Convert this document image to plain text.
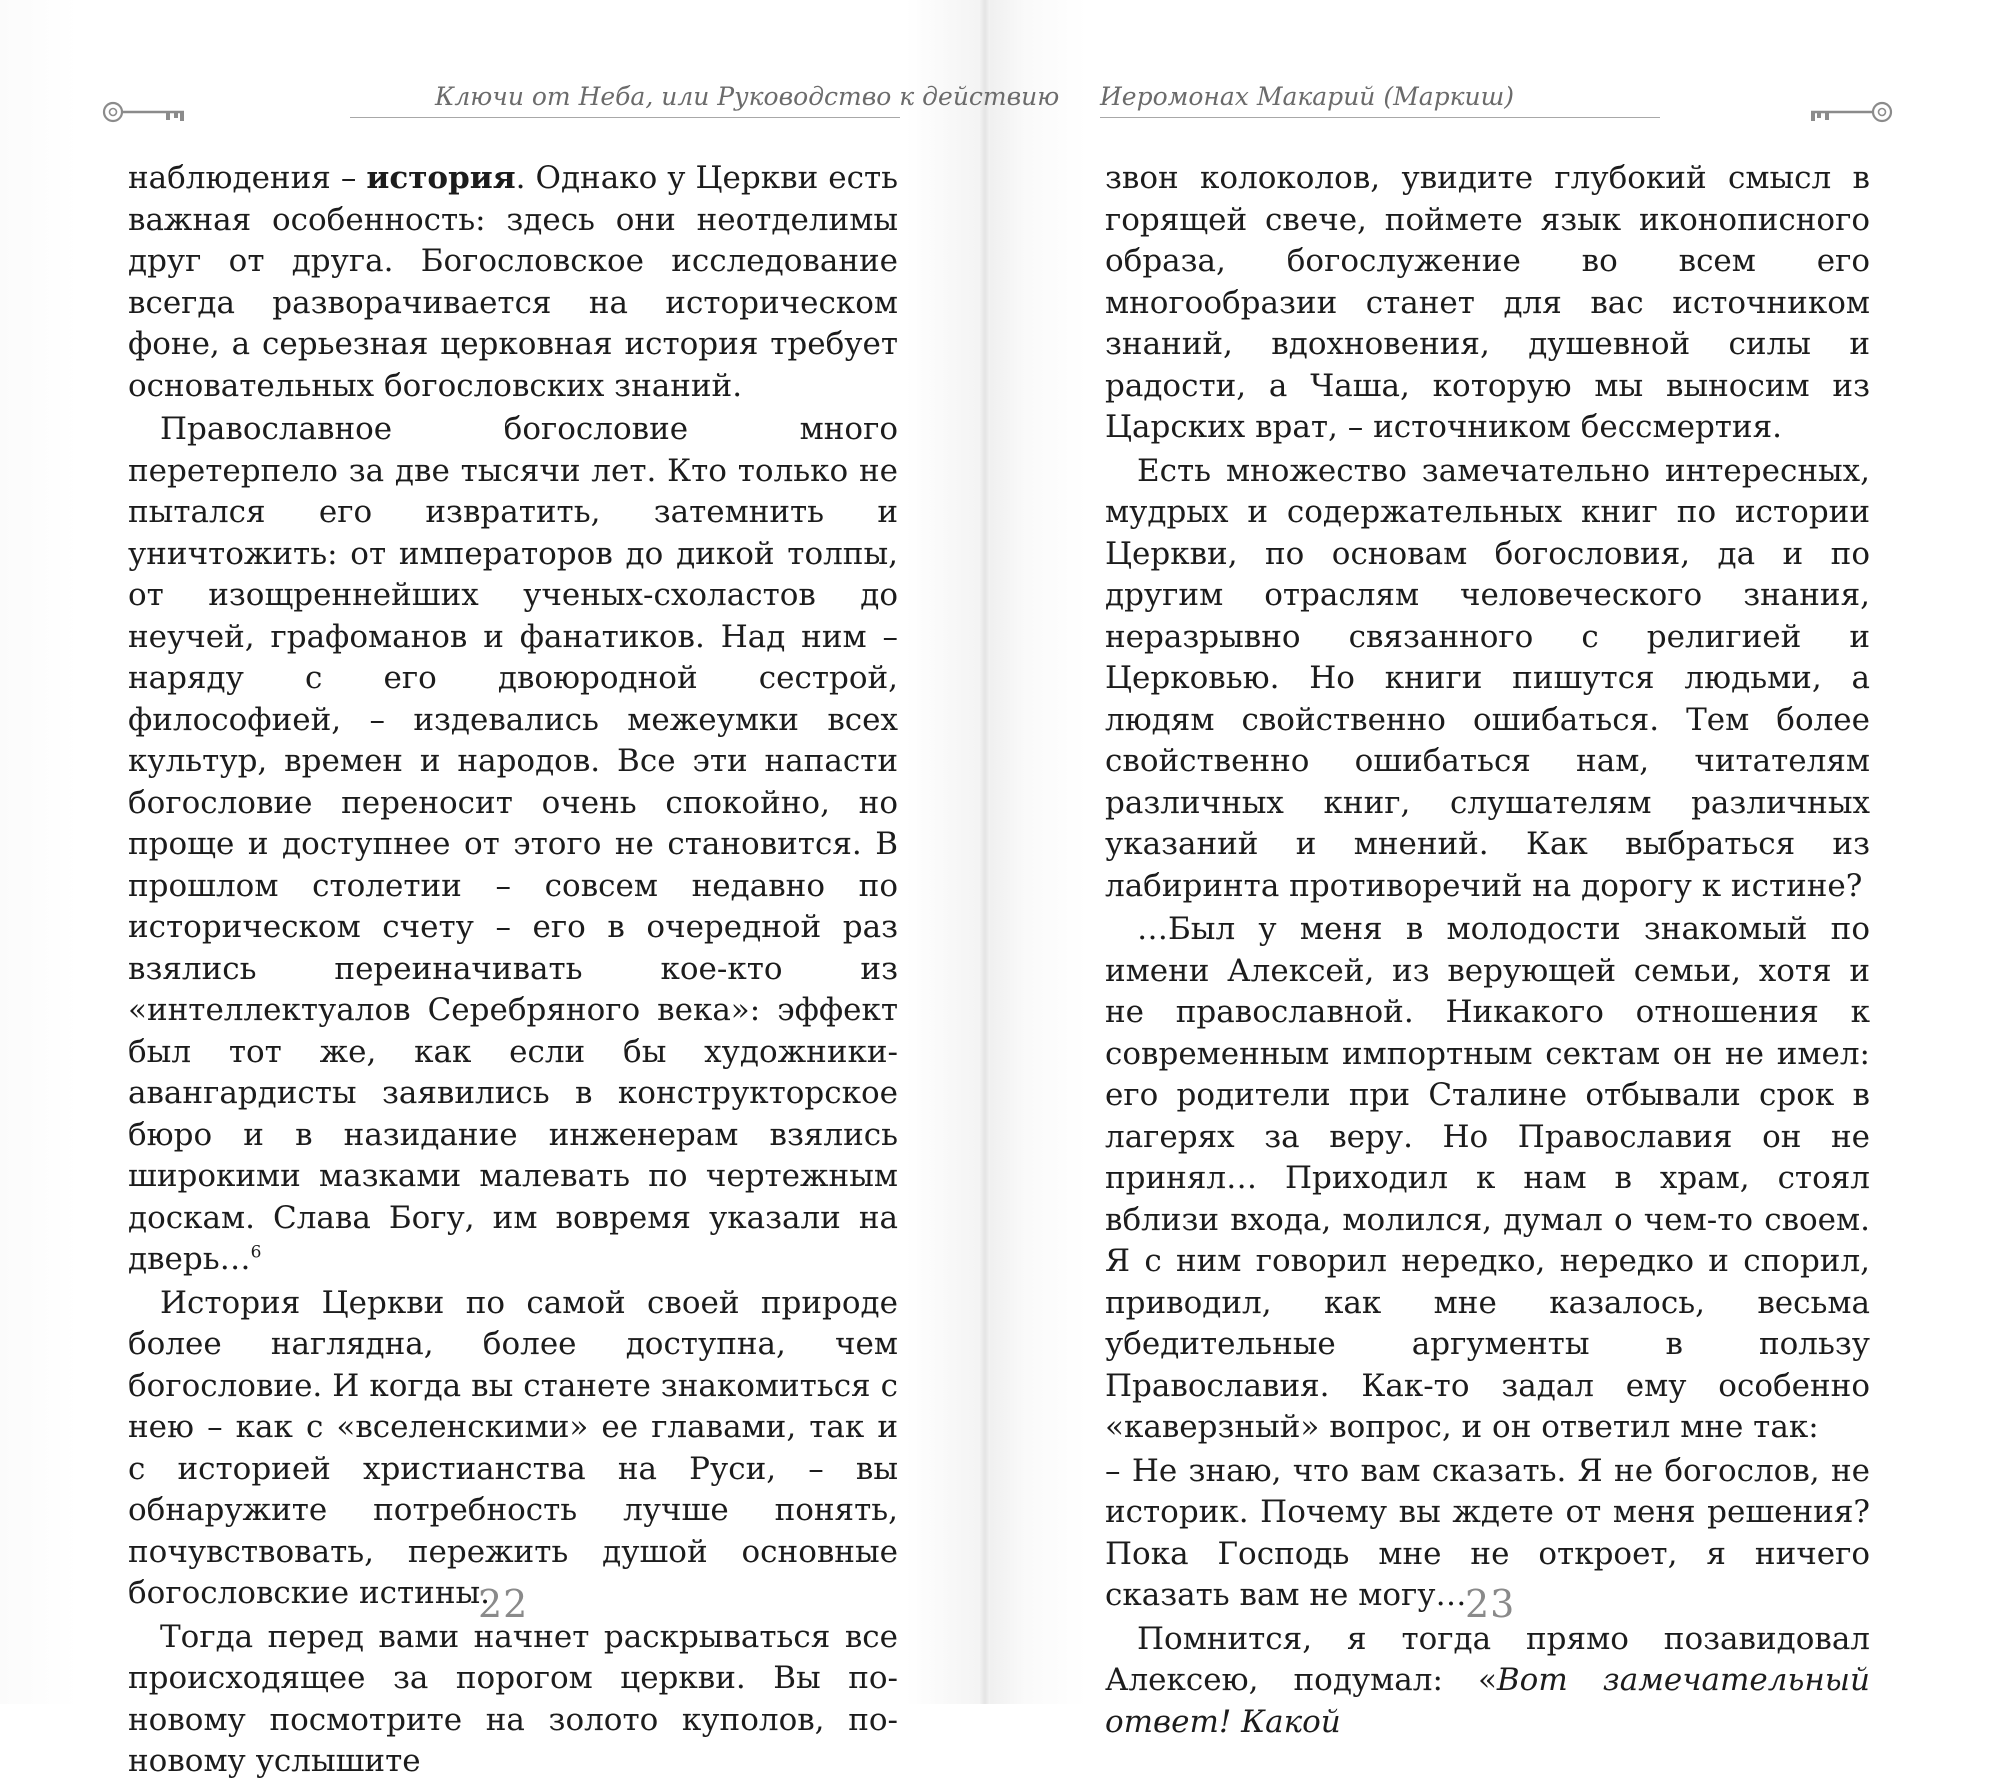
Ключи от Неба, или Руководство к действию Иеромонах Макарий (Маркиш)

наблюдения – история. Однако у Церкви есть важная особенность: здесь они неотделимы друг от друга. Богословское исследование всегда разворачивается на историческом фоне, а серьезная церковная история требует основательных богословских знаний.

Православное богословие много перетерпело за две тысячи лет. Кто только не пытался его извратить, затемнить и уничтожить: от императоров до дикой толпы, от изощреннейших ученых-схоластов до неучей, графоманов и фанатиков. Над ним – наряду с его двоюродной сестрой, философией, – издевались межеумки всех культур, времен и народов. Все эти напасти богословие переносит очень спокойно, но проще и доступнее от этого не становится. В прошлом столетии – совсем недавно по историческом счету – его в очередной раз взялись переиначивать кое-кто из «интеллектуалов Серебряного века»: эффект был тот же, как если бы художники-авангардисты заявились в конструкторское бюро и в назидание инженерам взялись широкими мазками малевать по чертежным доскам. Слава Богу, им вовремя указали на дверь…$^6$

История Церкви по самой своей природе более наглядна, более доступна, чем богословие. И когда вы станете знакомиться с нею – как с «вселенскими» ее главами, так и с историей христианства на Руси, – вы обнаружите потребность лучше понять, почувствовать, пережить душой основные богословские истины.

Тогда перед вами начнет раскрываться все происходящее за порогом церкви. Вы по-новому посмотрите на золото куполов, по-новому услышите

звон колоколов, увидите глубокий смысл в горящей свече, поймете язык иконописного образа, богослужение во всем его многообразии станет для вас источником знаний, вдохновения, душевной силы и радости, а Чаша, которую мы выносим из Царских врат, – источником бессмертия.

Есть множество замечательно интересных, мудрых и содержательных книг по истории Церкви, по основам богословия, да и по другим отраслям человеческого знания, неразрывно связанного с религией и Церковью. Но книги пишутся людьми, а людям свойственно ошибаться. Тем более свойственно ошибаться нам, читателям различных книг, слушателям различных указаний и мнений. Как выбраться из лабиринта противоречий на дорогу к истине?

…Был у меня в молодости знакомый по имени Алексей, из верующей семьи, хотя и не православной. Никакого отношения к современным импортным сектам он не имел: его родители при Сталине отбывали срок в лагерях за веру. Но Православия он не принял… Приходил к нам в храм, стоял вблизи входа, молился, думал о чем-то своем. Я с ним говорил нередко, нередко и спорил, приводил, как мне казалось, весьма убедительные аргументы в пользу Православия. Как-то задал ему особенно «каверзный» вопрос, и он ответил мне так:

– Не знаю, что вам сказать. Я не богослов, не историк. Почему вы ждете от меня решения? Пока Господь мне не откроет, я ничего сказать вам не могу…

Помнится, я тогда прямо позавидовал Алексею, подумал: «Вот замечательный ответ! Какой

22	23
